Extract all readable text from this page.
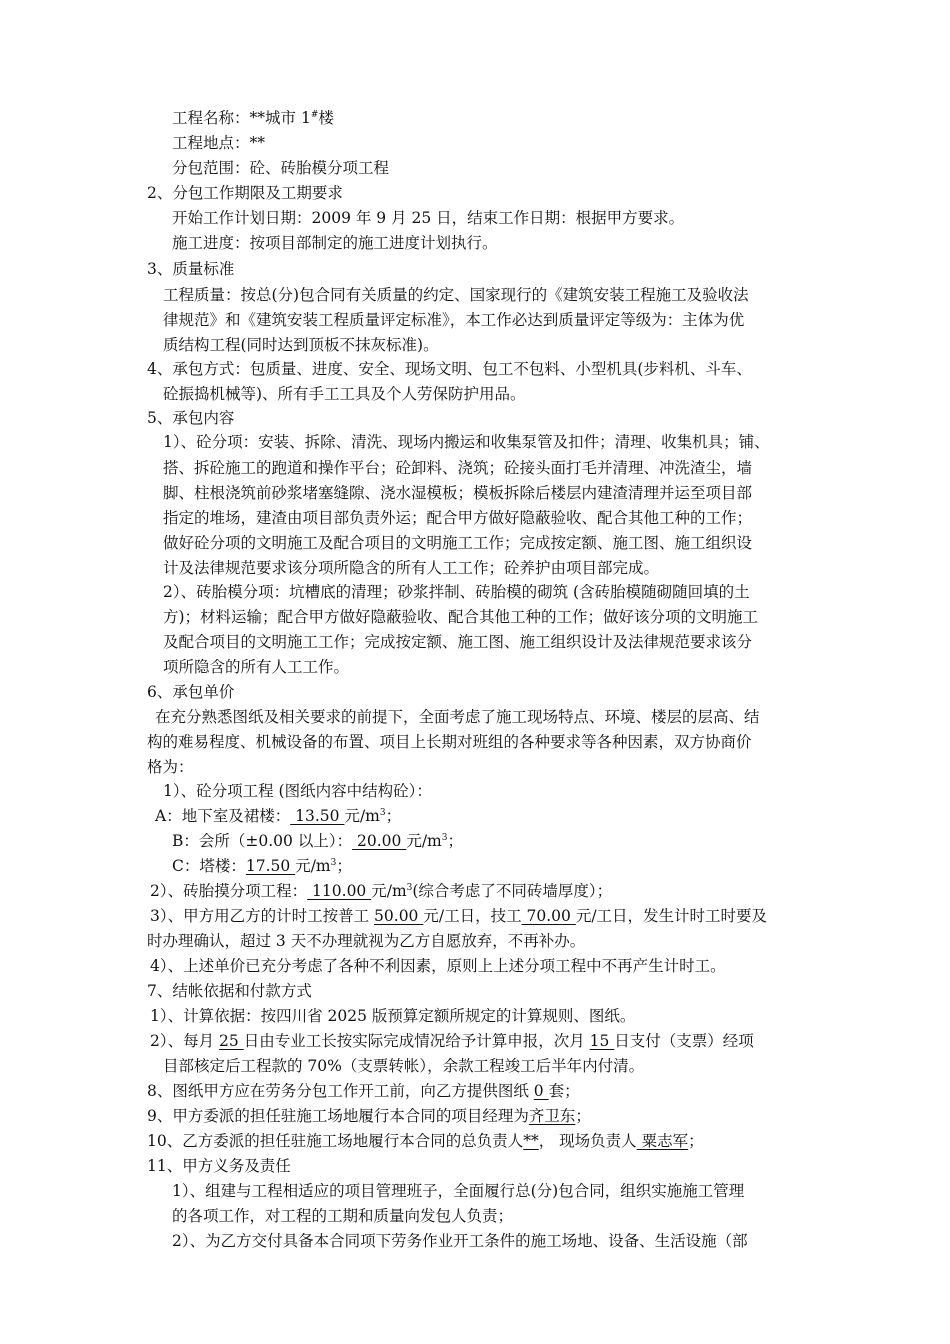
工程名称：**城市 1#楼
工程地点：**
分包范围：砼、砖胎模分项工程
2、分包工作期限及工期要求
开始工作计划日期：2009 年 9 月 25 日，结束工作日期：根据甲方要求。
施工进度：按项目部制定的施工进度计划执行。
3、质量标准
工程质量：按总(分)包合同有关质量的约定、国家现行的《建筑安装工程施工及验收法
律规范》和《建筑安装工程质量评定标准》，本工作必达到质量评定等级为：主体为优
质结构工程(同时达到顶板不抹灰标准)。
4、承包方式：包质量、进度、安全、现场文明、包工不包料、小型机具(步料机、斗车、
砼振捣机械等)、所有手工工具及个人劳保防护用品。
5、承包内容
1）、砼分项：安装、拆除、清洗、现场内搬运和收集泵管及扣件；清理、收集机具；铺、
搭、拆砼施工的跑道和操作平台；砼卸料、浇筑；砼接头面打毛并清理、冲洗渣尘，墙
脚、柱根浇筑前砂浆堵塞缝隙、浇水湿模板；模板拆除后楼层内建渣清理并运至项目部
指定的堆场，建渣由项目部负责外运；配合甲方做好隐蔽验收、配合其他工种的工作；
做好砼分项的文明施工及配合项目的文明施工工作；完成按定额、施工图、施工组织设
计及法律规范要求该分项所隐含的所有人工工作；砼养护由项目部完成。
2）、砖胎模分项：坑槽底的清理；砂浆拌制、砖胎模的砌筑 (含砖胎模随砌随回填的土
方)；材料运输；配合甲方做好隐蔽验收、配合其他工种的工作；做好该分项的文明施工
及配合项目的文明施工工作；完成按定额、施工图、施工组织设计及法律规范要求该分
项所隐含的所有人工工作。
6、承包单价
在充分熟悉图纸及相关要求的前提下，全面考虑了施工现场特点、环境、楼层的层高、结
构的难易程度、机械设备的布置、项目上长期对班组的各种要求等各种因素，双方协商价
格为：
1）、砼分项工程 (图纸内容中结构砼）：
A：地下室及裙楼： 13.50 元$/m^3$；
B：会所（±0.00 以上）： 20.00 元$/m^3$；
C：塔楼：17.50 元$/m^3$；
2）、砖胎摸分项工程： 110.00 元$/m^3$(综合考虑了不同砖墙厚度）；
3）、甲方用乙方的计时工按普工 50.00 元/工日，技工 70.00 元/工日，发生计时工时要及
时办理确认，超过 3 天不办理就视为乙方自愿放弃，不再补办。
4）、上述单价已充分考虑了各种不利因素，原则上上述分项工程中不再产生计时工。
7、结帐依据和付款方式
1）、计算依据：按四川省 2025 版预算定额所规定的计算规则、图纸。
2）、每月 25 日由专业工长按实际完成情况给予计算申报，次月 15 日支付（支票）经项
目部核定后工程款的 70%（支票转帐），余款工程竣工后半年内付清。
8、图纸甲方应在劳务分包工作开工前，向乙方提供图纸 0 套；
9、甲方委派的担任驻施工场地履行本合同的项目经理为齐卫东；
10、乙方委派的担任驻施工场地履行本合同的总负责人**， 现场负责人 粟志军；
11、甲方义务及责任
1）、组建与工程相适应的项目管理班子，全面履行总(分)包合同，组织实施施工管理
的各项工作，对工程的工期和质量向发包人负责；
2）、为乙方交付具备本合同项下劳务作业开工条件的施工场地、设备、生活设施（部
